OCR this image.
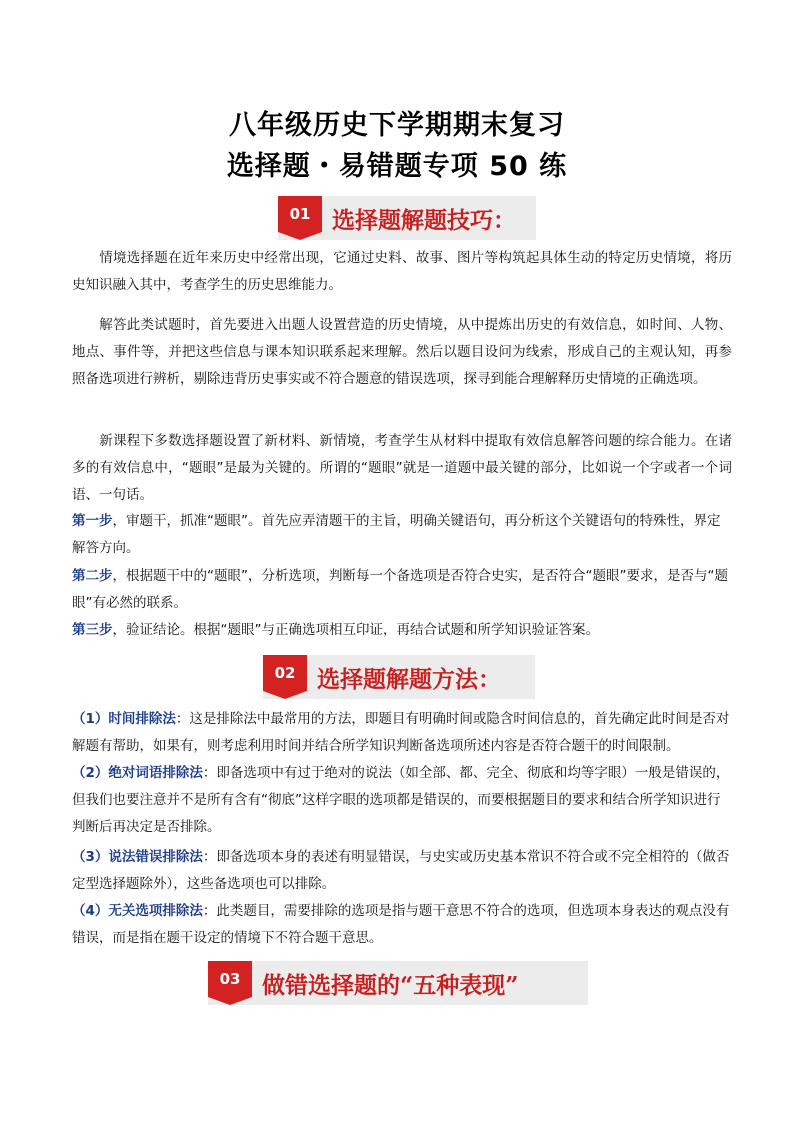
八年级历史下学期期末复习
选择题・易错题专项 50 练
01 选择题解题技巧：
情境选择题在近年来历史中经常出现，它通过史料、故事、图片等构筑起具体生动的特定历史情境，将历史知识融入其中，考查学生的历史思维能力。
解答此类试题时，首先要进入出题人设置营造的历史情境，从中提炼出历史的有效信息，如时间、人物、地点、事件等，并把这些信息与课本知识联系起来理解。然后以题目设问为线索，形成自己的主观认知，再参照备选项进行辨析，剔除违背历史事实或不符合题意的错误选项，探寻到能合理解释历史情境的正确选项。
新课程下多数选择题设置了新材料、新情境，考查学生从材料中提取有效信息解答问题的综合能力。在诸多的有效信息中，“题眼”是最为关键的。所谓的“题眼”就是一道题中最关键的部分，比如说一个字或者一个词语、一句话。
第一步，审题干，抓准“题眼”。首先应弄清题干的主旨，明确关键语句，再分析这个关键语句的特殊性，界定解答方向。
第二步，根据题干中的“题眼”，分析选项，判断每一个备选项是否符合史实，是否符合“题眼”要求，是否与“题眼”有必然的联系。
第三步，验证结论。根据“题眼”与正确选项相互印证，再结合试题和所学知识验证答案。
02 选择题解题方法：
（1）时间排除法：这是排除法中最常用的方法，即题目有明确时间或隐含时间信息的，首先确定此时间是否对解题有帮助，如果有，则考虑利用时间并结合所学知识判断备选项所述内容是否符合题干的时间限制。
（2）绝对词语排除法：即备选项中有过于绝对的说法（如全部、都、完全、彻底和均等字眼）一般是错误的，但我们也要注意并不是所有含有“彻底”这样字眼的选项都是错误的，而要根据题目的要求和结合所学知识进行判断后再决定是否排除。
（3）说法错误排除法：即备选项本身的表述有明显错误，与史实或历史基本常识不符合或不完全相符的（做否定型选择题除外），这些备选项也可以排除。
（4）无关选项排除法：此类题目，需要排除的选项是指与题干意思不符合的选项，但选项本身表达的观点没有错误，而是指在题干设定的情境下不符合题干意思。
03 做错选择题的“五种表现”
